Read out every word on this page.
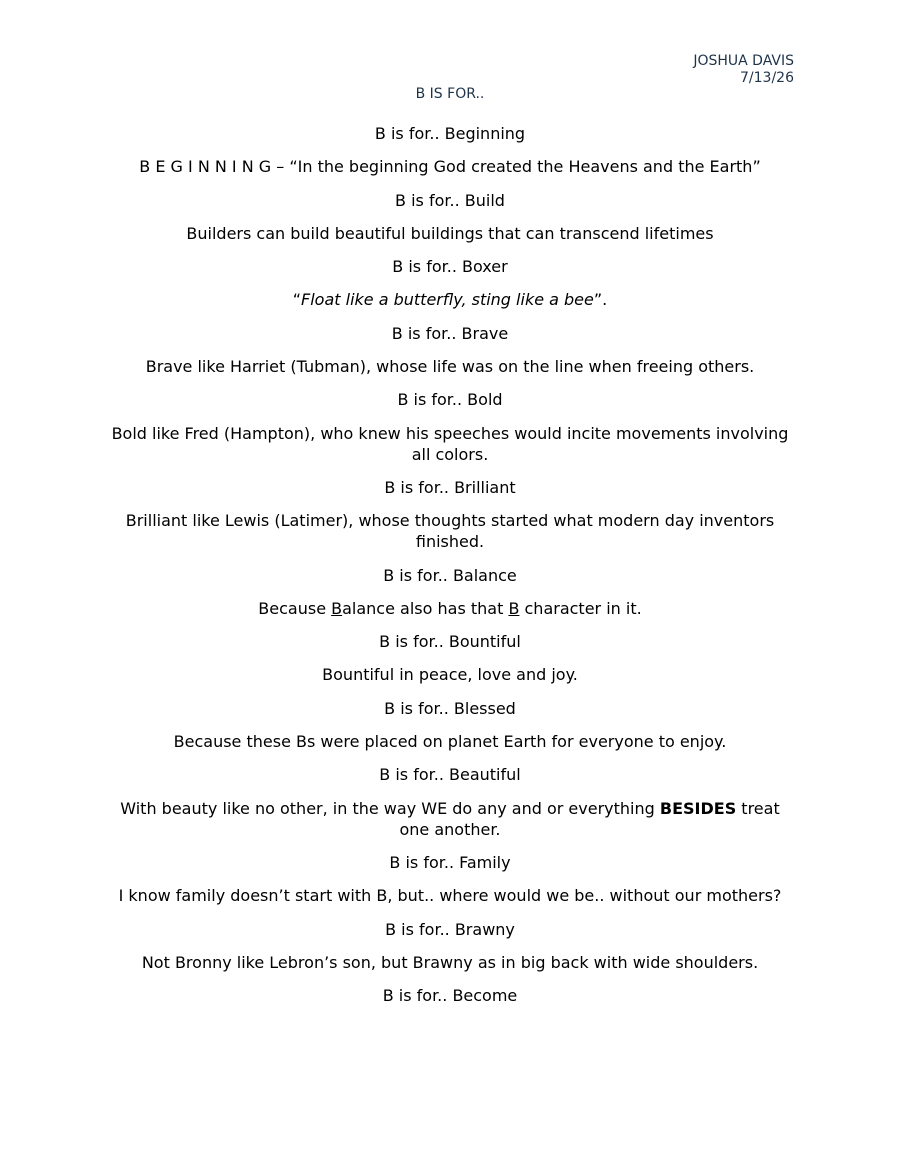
JOSHUA DAVIS
7/13/26
B IS FOR..

B is for.. Beginning

B E G I N N I N G – “In the beginning God created the Heavens and the Earth”

B is for.. Build

Builders can build beautiful buildings that can transcend lifetimes

B is for.. Boxer

“Float like a butterfly, sting like a bee”.

B is for.. Brave

Brave like Harriet (Tubman), whose life was on the line when freeing others.

B is for.. Bold

Bold like Fred (Hampton), who knew his speeches would incite movements involving all colors.

B is for.. Brilliant

Brilliant like Lewis (Latimer), whose thoughts started what modern day inventors finished.

B is for.. Balance

Because Balance also has that B character in it.

B is for.. Bountiful

Bountiful in peace, love and joy.

B is for.. Blessed

Because these Bs were placed on planet Earth for everyone to enjoy.

B is for.. Beautiful

With beauty like no other, in the way WE do any and or everything BESIDES treat one another.

B is for.. Family

I know family doesn’t start with B, but.. where would we be.. without our mothers?

B is for.. Brawny

Not Bronny like Lebron’s son, but Brawny as in big back with wide shoulders.

B is for.. Become
